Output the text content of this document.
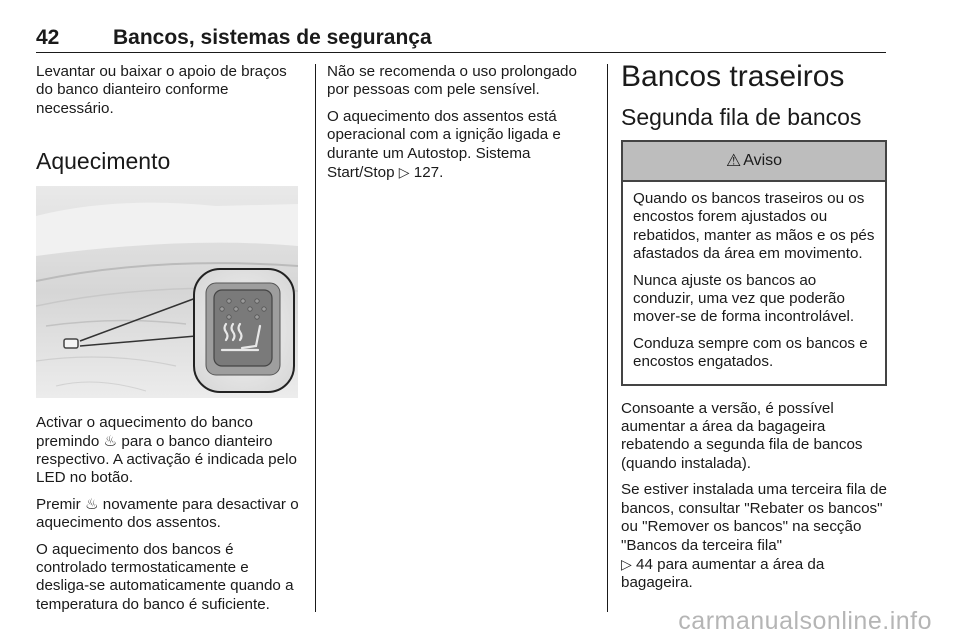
42	Bancos, sistemas de segurança

Levantar ou baixar o apoio de braços do banco dianteiro conforme necessário.

Aquecimento

Activar o aquecimento do banco premindo ♨ para o banco dianteiro respectivo. A activação é indicada pelo LED no botão.

Premir ♨ novamente para desactivar o aquecimento dos assentos.

O aquecimento dos bancos é controlado termostaticamente e desliga-se automaticamente quando a temperatura do banco é suficiente.

Não se recomenda o uso prolongado por pessoas com pele sensível.

O aquecimento dos assentos está operacional com a ignição ligada e durante um Autostop. Sistema Start/Stop ▷ 127.

Bancos traseiros
Segunda fila de bancos
⚠ Aviso

Quando os bancos traseiros ou os encostos forem ajustados ou rebatidos, manter as mãos e os pés afastados da área em movimento.

Nunca ajuste os bancos ao conduzir, uma vez que poderão mover-se de forma incontrolável.

Conduza sempre com os bancos e encostos engatados.

Consoante a versão, é possível aumentar a área da bagageira rebatendo a segunda fila de bancos (quando instalada).

Se estiver instalada uma terceira fila de bancos, consultar "Rebater os bancos" ou "Remover os bancos" na secção "Bancos da terceira fila"
▷ 44 para aumentar a área da bagageira.

carmanualsonline.info
